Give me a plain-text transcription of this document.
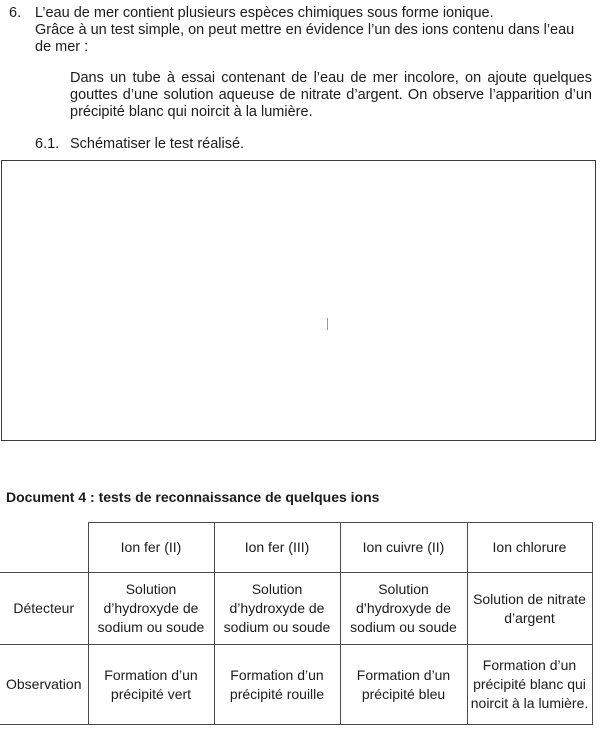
6. L’eau de mer contient plusieurs espèces chimiques sous forme ionique.
Grâce à un test simple, on peut mettre en évidence l’un des ions contenu dans l’eau de mer :
Dans un tube à essai contenant de l’eau de mer incolore, on ajoute quelques gouttes d’une solution aqueuse de nitrate d’argent. On observe l’apparition d’un précipité blanc qui noircit à la lumière.
6.1. Schématiser le test réalisé.
Document 4 : tests de reconnaissance de quelques ions
	Ion fer (II)	Ion fer (III)	Ion cuivre (II)	Ion chlorure
Détecteur	Solution d’hydroxyde de sodium ou soude	Solution d’hydroxyde de sodium ou soude	Solution d’hydroxyde de sodium ou soude	Solution de nitrate d’argent
Observation	Formation d’un précipité vert	Formation d’un précipité rouille	Formation d’un précipité bleu	Formation d’un précipité blanc qui noircit à la lumière.
